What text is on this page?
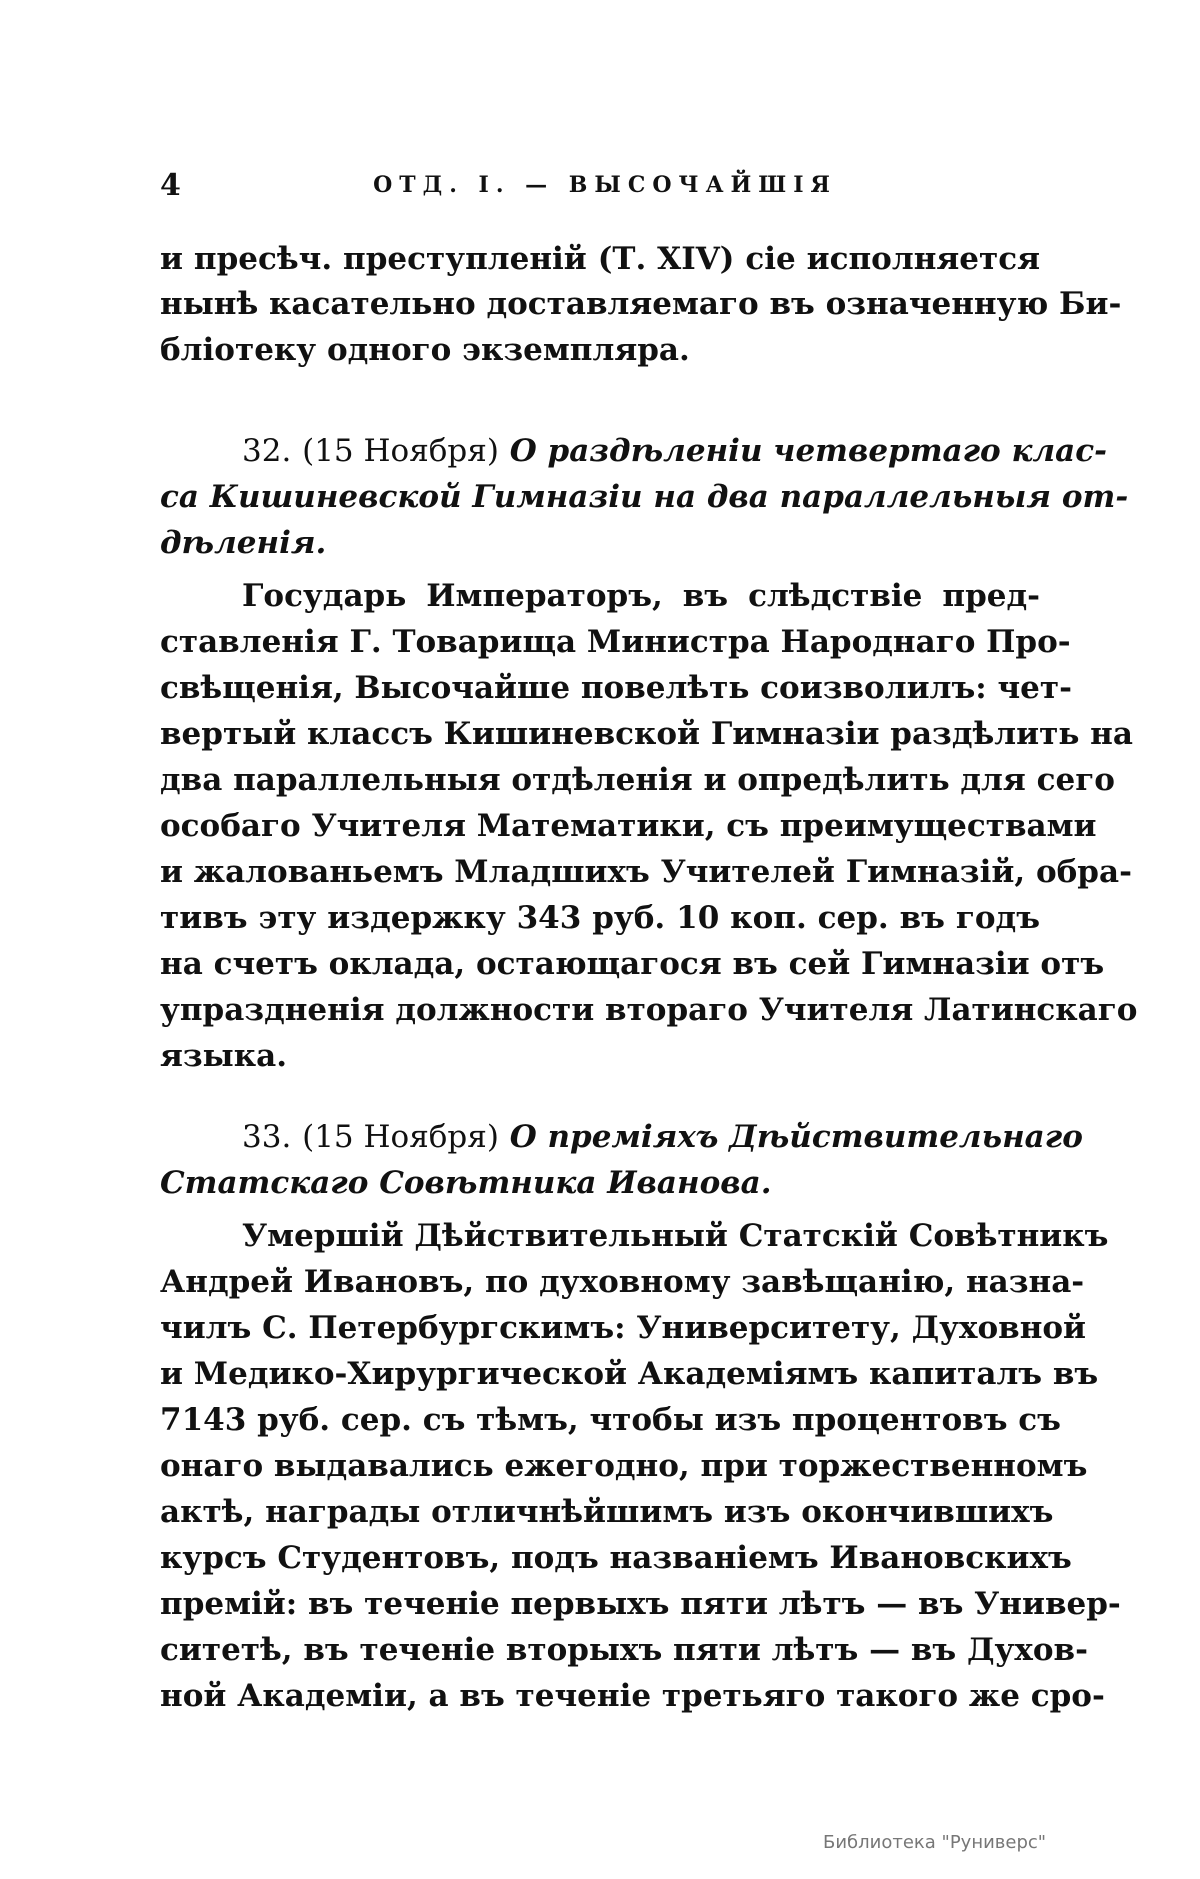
4	ОТД. I. — ВЫСОЧАЙШІЯ
и пресѣч. преступленій (Т. XIV) сіе исполняется
нынѣ касательно доставляемаго въ означенную Би-
бліотеку одного экземпляра.
32. (15 Ноября) О раздѣленіи четвертаго клас-
са Кишиневской Гимназіи на два параллельныя от-
дѣленія.
Государь Императоръ, въ слѣдствіе пред-
ставленія Г. Товарища Министра Народнаго Про-
свѣщенія, Высочайше повелѣть соизволилъ: чет-
вертый классъ Кишиневской Гимназіи раздѣлить на
два параллельныя отдѣленія и опредѣлить для сего
особаго Учителя Математики, съ преимуществами
и жалованьемъ Младшихъ Учителей Гимназій, обра-
тивъ эту издержку 343 руб. 10 коп. сер. въ годъ
на счетъ оклада, остающагося въ сей Гимназіи отъ
упраздненія должности втораго Учителя Латинскаго
языка.
33. (15 Ноября) О преміяхъ Дѣйствительнаго
Статскаго Совѣтника Иванова.
Умершій Дѣйствительный Статскій Совѣтникъ
Андрей Ивановъ, по духовному завѣщанію, назна-
чилъ С. Петербургскимъ: Университету, Духовной
и Медико-Хирургической Академіямъ капиталъ въ
7143 руб. сер. съ тѣмъ, чтобы изъ процентовъ съ
онаго выдавались ежегодно, при торжественномъ
актѣ, награды отличнѣйшимъ изъ окончившихъ
курсъ Студентовъ, подъ названіемъ Ивановскихъ
премій: въ теченіе первыхъ пяти лѣтъ — въ Универ-
ситетѣ, въ теченіе вторыхъ пяти лѣтъ — въ Духов-
ной Академіи, а въ теченіе третьяго такого же сро-
Библиотека "Руниверс"
